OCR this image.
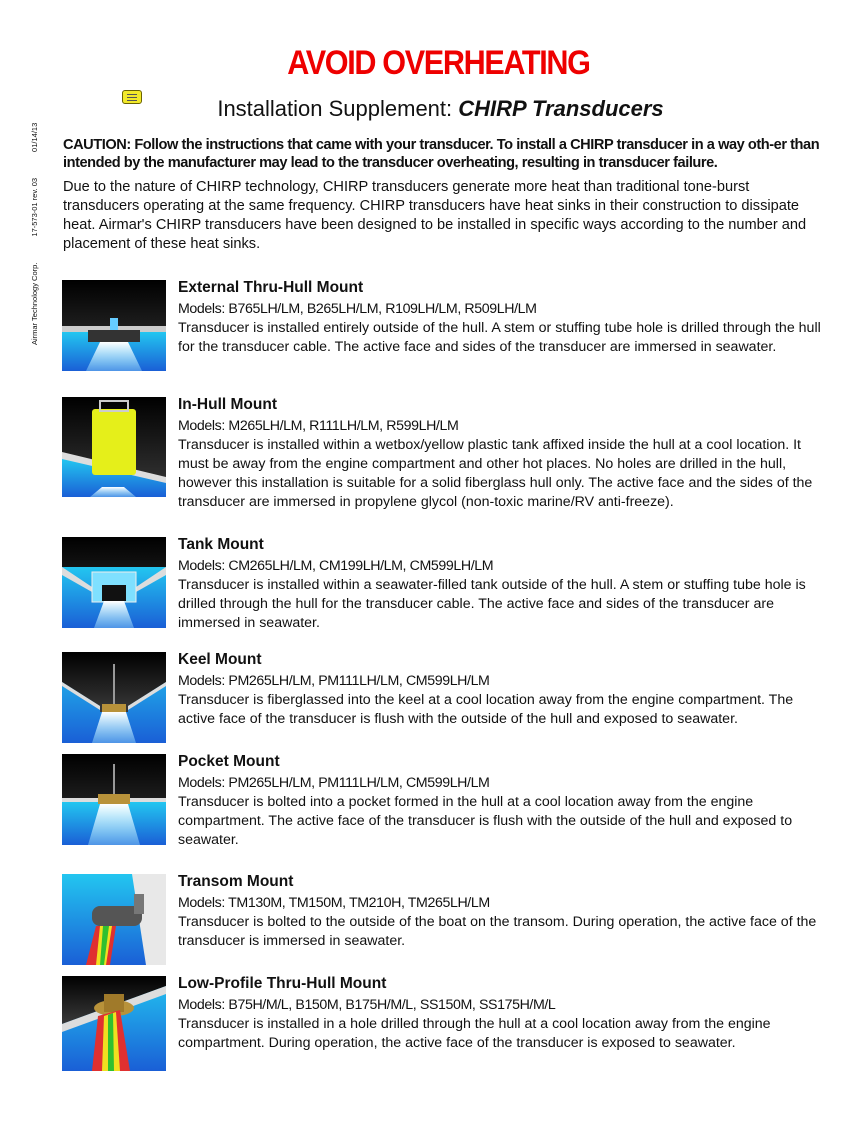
AVOID OVERHEATING
Installation Supplement: CHIRP Transducers
Airmar Technology Corp.
17-573-01 rev. 03
01/14/13 CAUTION: Follow the instructions that came with your transducer. To install a CHIRP transducer in a way oth-er than intended by the manufacturer may lead to the transducer overheating, resulting in transducer failure.
Due to the nature of CHIRP technology, CHIRP transducers generate more heat than traditional tone-burst transducers operating at the same frequency. CHIRP transducers have heat sinks in their construction to dissipate heat. Airmar's CHIRP transducers have been designed to be installed in specific ways according to the number and placement of these heat sinks.
External Thru-Hull Mount
Models: B765LH/LM, B265LH/LM, R109LH/LM, R509LH/LM
Transducer is installed entirely outside of the hull. A stem or stuffing tube hole is drilled through the hull for the transducer cable. The active face and sides of the transducer are immersed in seawater.
In-Hull Mount
Models: M265LH/LM, R111LH/LM, R599LH/LM
Transducer is installed within a wetbox/yellow plastic tank affixed inside the hull at a cool location. It must be away from the engine compartment and other hot places. No holes are drilled in the hull, however this installation is suitable for a solid fiberglass hull only. The active face and the sides of the transducer are immersed in propylene glycol (non-toxic marine/RV anti-freeze).
Tank Mount
Models: CM265LH/LM, CM199LH/LM, CM599LH/LM
Transducer is installed within a seawater-filled tank outside of the hull. A stem or stuffing tube hole is drilled through the hull for the transducer cable. The active face and sides of the transducer are immersed in seawater.
Keel Mount
Models: PM265LH/LM, PM111LH/LM, CM599LH/LM
Transducer is fiberglassed into the keel at a cool location away from the engine compartment. The active face of the transducer is flush with the outside of the hull and exposed to seawater.
Pocket Mount
Models: PM265LH/LM, PM111LH/LM, CM599LH/LM
Transducer is bolted into a pocket formed in the hull at a cool location away from the engine compartment. The active face of the transducer is flush with the outside of the hull and exposed to seawater.
Transom Mount
Models: TM130M, TM150M, TM210H, TM265LH/LM
Transducer is bolted to the outside of the boat on the transom. During operation, the active face of the transducer is immersed in seawater.
Low-Profile Thru-Hull Mount
Models: B75H/M/L, B150M, B175H/M/L, SS150M, SS175H/M/L
Transducer is installed in a hole drilled through the hull at a cool location away from the engine compartment. During operation, the active face of the transducer is exposed to seawater.
